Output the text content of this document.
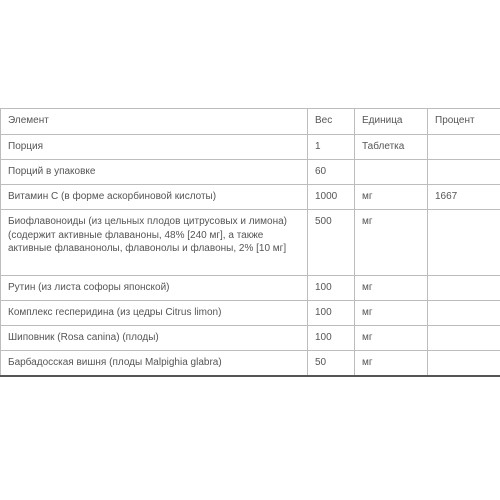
Элемент	Вес	Единица	Процент
Порция	1	Таблетка	
Порций в упаковке	60		
Витамин С (в форме аскорбиновой кислоты)	1000	мг	1667
Биофлавоноиды (из цельных плодов цитрусовых и лимона) (содержит активные флаваноны, 48% [240 мг], а также активные флаванонолы, флавонолы и флавоны, 2% [10 мг]	500	мг	
Рутин (из листа софоры японской)	100	мг	
Комплекс гесперидина (из цедры Citrus limon)	100	мг	
Шиповник (Rosa canina) (плоды)	100	мг	
Барбадосская вишня (плоды Malpighia glabra)	50	мг	
